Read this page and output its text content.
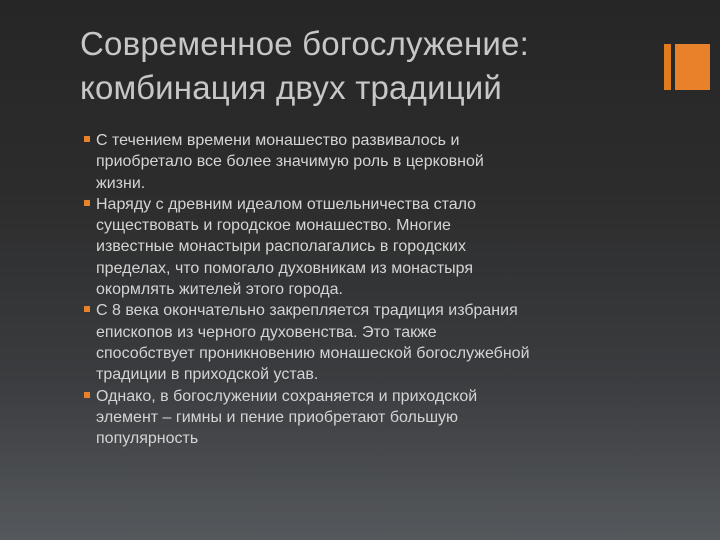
Современное богослужение:
комбинация двух традиций
С течением времени монашество развивалось и
приобретало все более значимую роль в церковной
жизни.
Наряду с древним идеалом отшельничества стало
существовать и городское монашество. Многие
известные монастыри располагались в городских
пределах, что помогало духовникам из монастыря
окормлять жителей этого города.
С 8 века окончательно закрепляется традиция избрания
епископов из черного духовенства. Это также
способствует проникновению монашеской богослужебной
традиции в приходской устав.
Однако, в богослужении сохраняется и приходской
элемент – гимны и пение приобретают большую
популярность
